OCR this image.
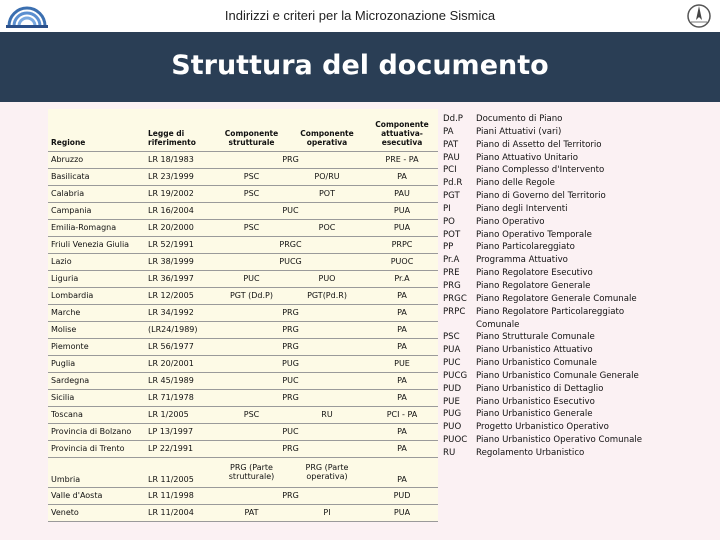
Indirizzi e criteri per la Microzonazione Sismica
Struttura del documento
Regione	Legge di riferimento	Componente strutturale	Componente operativa	Componente attuativa-esecutiva
Abruzzo	LR 18/1983	PRG		PRE - PA
Basilicata	LR 23/1999	PSC	PO/RU	PA
Calabria	LR 19/2002	PSC	POT	PAU
Campania	LR 16/2004	PUC		PUA
Emilia-Romagna	LR 20/2000	PSC	POC	PUA
Friuli Venezia Giulia	LR 52/1991	PRGC		PRPC
Lazio	LR 38/1999	PUCG		PUOC
Liguria	LR 36/1997	PUC	PUO	Pr.A
Lombardia	LR 12/2005	PGT (Dd.P)	PGT(Pd.R)	PA
Marche	LR 34/1992	PRG		PA
Molise	(LR24/1989)	PRG		PA
Piemonte	LR 56/1977	PRG		PA
Puglia	LR 20/2001	PUG		PUE
Sardegna	LR 45/1989	PUC		PA
Sicilia	LR 71/1978	PRG		PA
Toscana	LR 1/2005	PSC	RU	PCI - PA
Provincia di Bolzano	LP 13/1997	PUC		PA
Provincia di Trento	LP 22/1991	PRG		PA
Umbria	LR 11/2005	PRG (Parte strutturale)	PRG (Parte operativa)	PA
Valle d'Aosta	LR 11/1998	PRG		PUD
Veneto	LR 11/2004	PAT	PI	PUA
Dd.P	Documento di Piano
PA	Piani Attuativi (vari)
PAT	Piano di Assetto del Territorio
PAU	Piano Attuativo Unitario
PCI	Piano Complesso d'Intervento
Pd.R	Piano delle Regole
PGT	Piano di Governo del Territorio
PI	Piano degli Interventi
PO	Piano Operativo
POT	Piano Operativo Temporale
PP	Piano Particolareggiato
Pr.A	Programma Attuativo
PRE	Piano Regolatore Esecutivo
PRG	Piano Regolatore Generale
PRGC	Piano Regolatore Generale Comunale
PRPC	Piano Regolatore Particolareggiato Comunale
PSC	Piano Strutturale Comunale
PUA	Piano Urbanistico Attuativo
PUC	Piano Urbanistico Comunale
PUCG	Piano Urbanistico Comunale Generale
PUD	Piano Urbanistico di Dettaglio
PUE	Piano Urbanistico Esecutivo
PUG	Piano Urbanistico Generale
PUO	Progetto Urbanistico Operativo
PUOC	Piano Urbanistico Operativo Comunale
RU	Regolamento Urbanistico
